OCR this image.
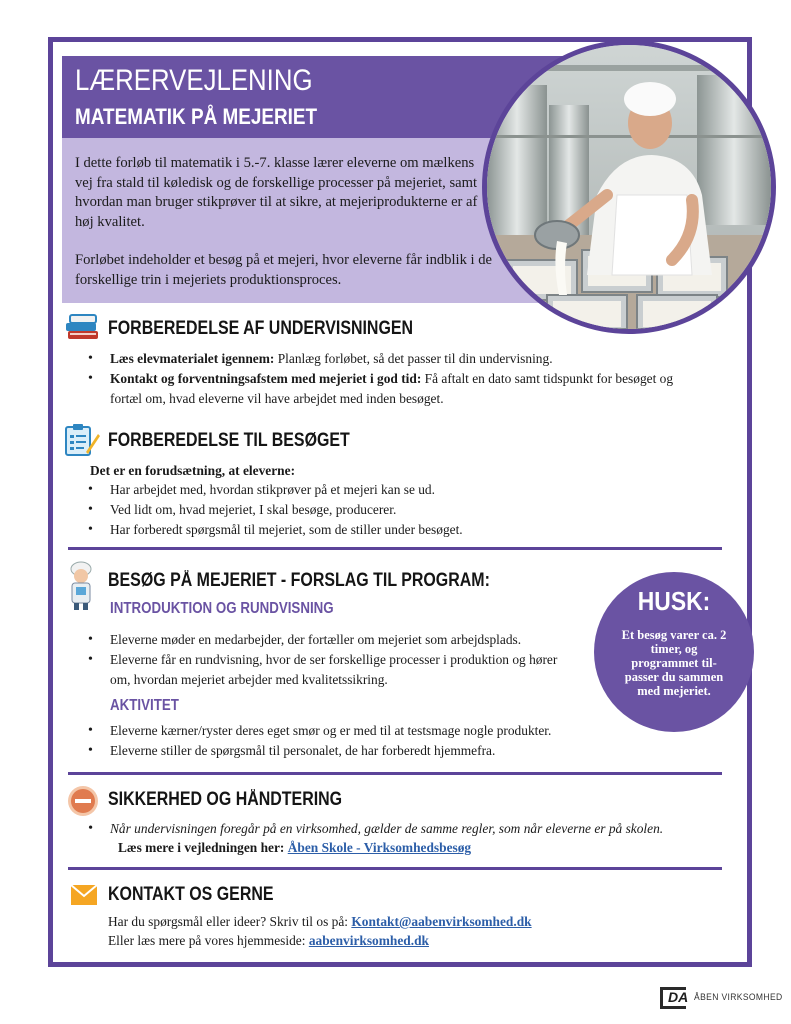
LÆRERVEJLENING
MATEMATIK PÅ MEJERIET

I dette forløb til matematik i 5.-7. klasse lærer eleverne om mælkens vej fra stald til køledisk og de forskellige processer på mejeriet, samt hvordan man bruger stikprøver til at sikre, at mejeriprodukterne er af høj kvalitet.

Forløbet indeholder et besøg på et mejeri, hvor eleverne får indblik i de forskellige trin i mejeriets produktionsproces.

FORBEREDELSE AF UNDERVISNINGEN
• Læs elevmaterialet igennem: Planlæg forløbet, så det passer til din undervisning.
• Kontakt og forventningsafstem med mejeriet i god tid: Få aftalt en dato samt tidspunkt for besøget og fortæl om, hvad eleverne vil have arbejdet med inden besøget.
FORBEREDELSE TIL BESØGET
Det er en forudsætning, at eleverne:
• Har arbejdet med, hvordan stikprøver på et mejeri kan se ud.
• Ved lidt om, hvad mejeriet, I skal besøge, producerer.
• Har forberedt spørgsmål til mejeriet, som de stiller under besøget.
BESØG PÅ MEJERIET - FORSLAG TIL PROGRAM:
INTRODUKTION OG RUNDVISNING
• Eleverne møder en medarbejder, der fortæller om mejeriet som arbejdsplads.
• Eleverne får en rundvisning, hvor de ser forskellige processer i produktion og hører om, hvordan mejeriet arbejder med kvalitetssikring.
AKTIVITET
• Eleverne kærner/ryster deres eget smør og er med til at testsmage nogle produkter.
• Eleverne stiller de spørgsmål til personalet, de har forberedt hjemmefra.
HUSK:
Et besøg varer ca. 2 timer, og programmet til-passer du sammen med mejeriet.
SIKKERHED OG HÅNDTERING
• Når undervisningen foregår på en virksomhed, gælder de samme regler, som når eleverne er på skolen.
Læs mere i vejledningen her: Åben Skole - Virksomhedsbesøg
KONTAKT OS GERNE
Har du spørgsmål eller ideer? Skriv til os på: Kontakt@aabenvirksomhed.dk
Eller læs mere på vores hjemmeside: aabenvirksomhed.dk
DA ÅBEN VIRKSOMHED
